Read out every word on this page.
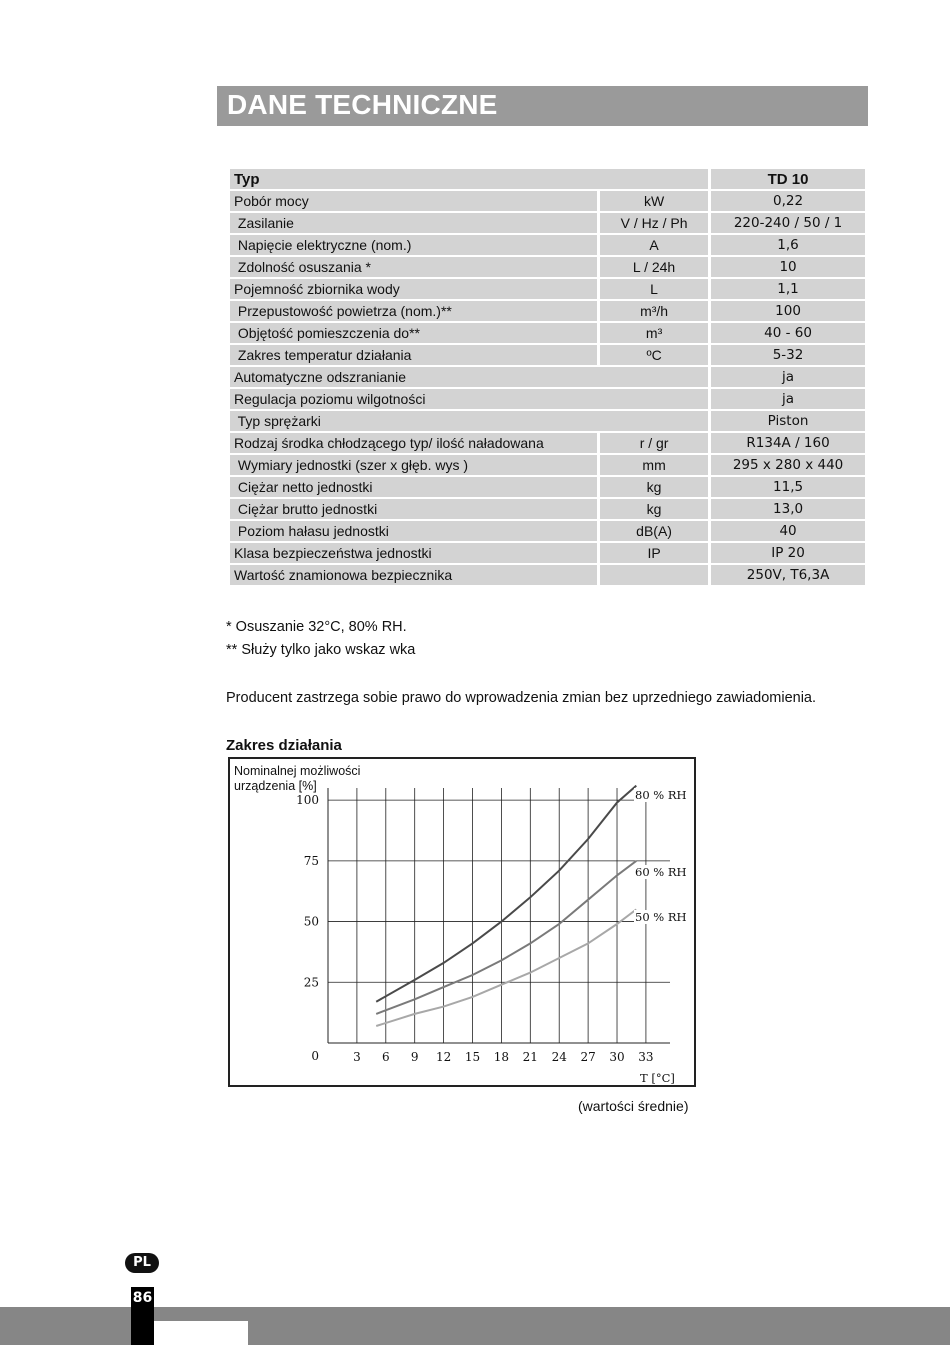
DANE TECHNICZNE
Typ		TD 10
Pobór mocy	kW	0,22
Zasilanie	V / Hz / Ph	220-240 / 50 / 1
Napięcie elektryczne (nom.)	A	1,6
Zdolność osuszania *	L / 24h	10
Pojemność zbiornika wody	L	1,1
Przepustowość powietrza (nom.)**	m³/h	100
Objętość pomieszczenia do**	m³	40 - 60
Zakres temperatur działania	ºC	5-32
Automatyczne odszranianie		ja
Regulacja poziomu wilgotności		ja
Typ sprężarki		Piston
Rodzaj środka chłodzącego typ/ ilość naładowana	r / gr	R134A / 160
Wymiary jednostki (szer x głęb. wys )	mm	295 x 280 x 440
Ciężar netto jednostki	kg	11,5
Ciężar brutto jednostki	kg	13,0
Poziom hałasu jednostki	dB(A)	40
Klasa bezpieczeństwa jednostki	IP	IP 20
Wartość znamionowa bezpiecznika		250V, T6,3A
* Osuszanie 32°C, 80% RH.
** Służy tylko jako wskaz wka
Producent zastrzega sobie prawo do wprowadzenia zmian bez uprzedniego zawiadomienia.
Zakres działania
Nominalnej możliwości
urządzenia [%]
100
75
50
25
0	3 6 9 12 15 18 21 24 27 30 33
T [°C]
80 % RH
60 % RH
50 % RH
(wartości średnie)
PL
86
